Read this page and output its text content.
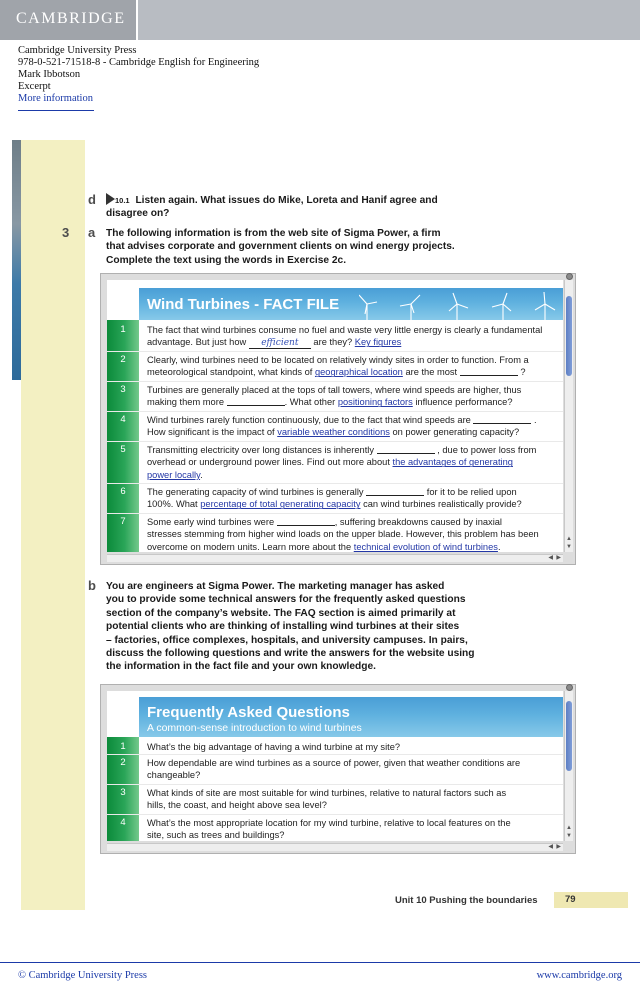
CAMBRIDGE
Cambridge University Press
978-0-521-71518-8 - Cambridge English for Engineering
Mark Ibbotson
Excerpt
More information
d	10.1 Listen again. What issues do Mike, Loreta and Hanif agree and
disagree on?
3 a The following information is from the web site of Sigma Power, a firm
that advises corporate and government clients on wind energy projects.
Complete the text using the words in Exercise 2c.
Wind Turbines - FACT FILE
1	The fact that wind turbines consume no fuel and waste very little energy is clearly a fundamental
advantage. But just how efficient are they? Key figures
2	Clearly, wind turbines need to be located on relatively windy sites in order to function. From a
meteorological standpoint, what kinds of geographical location are the most	?
3	Turbines are generally placed at the tops of tall towers, where wind speeds are higher, thus
making them more	. What other positioning factors influence performance?
4	Wind turbines rarely function continuously, due to the fact that wind speeds are	.
How significant is the impact of variable weather conditions on power generating capacity?
5	Transmitting electricity over long distances is inherently	, due to power loss from
overhead or underground power lines. Find out more about the advantages of generating
power locally.
6	The generating capacity of wind turbines is generally	for it to be relied upon
100%. What percentage of total generating capacity can wind turbines realistically provide?
7	Some early wind turbines were	, suffering breakdowns caused by inaxial
stresses stemming from higher wind loads on the upper blade. However, this problem has been
overcome on modern units. Learn more about the technical evolution of wind turbines.
▲
▼
◀ ▶
b You are engineers at Sigma Power. The marketing manager has asked
you to provide some technical answers for the frequently asked questions
section of the company’s website. The FAQ section is aimed primarily at
potential clients who are thinking of installing wind turbines at their sites
– factories, office complexes, hospitals, and university campuses. In pairs,
discuss the following questions and write the answers for the website using
the information in the fact file and your own knowledge.
Frequently Asked Questions
A common-sense introduction to wind turbines
1	What’s the big advantage of having a wind turbine at my site?
2	How dependable are wind turbines as a source of power, given that weather conditions are
changeable?
3	What kinds of site are most suitable for wind turbines, relative to natural factors such as
hills, the coast, and height above sea level?
4	What’s the most appropriate location for my wind turbine, relative to local features on the
site, such as trees and buildings?
▲
▼
◀ ▶
Unit 10 Pushing the boundaries	79
© Cambridge University Press	www.cambridge.org
